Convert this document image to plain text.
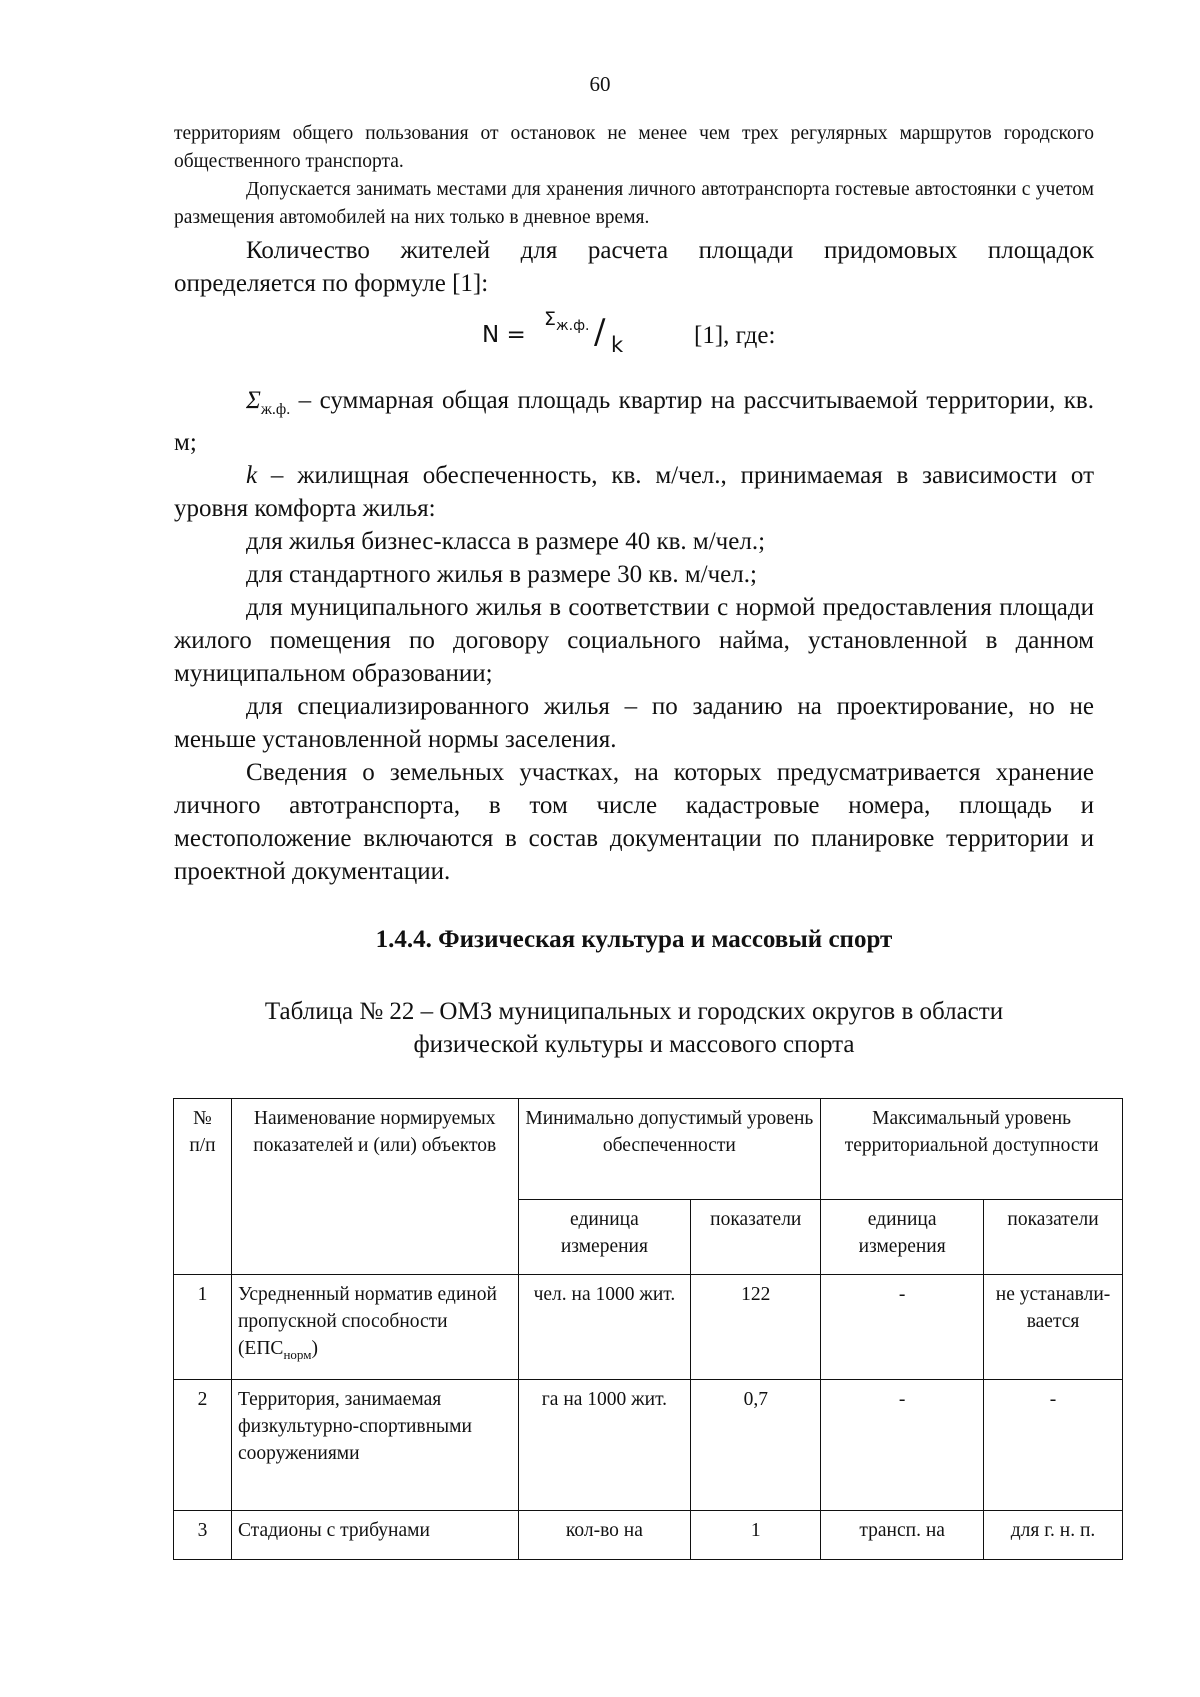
60

территориям общего пользования от остановок не менее чем трех регулярных маршрутов городского общественного транспорта.

Допускается занимать местами для хранения личного автотранспорта гостевые автостоянки с учетом размещения автомобилей на них только в дневное время.

Количество жителей для расчета площади придомовых площадок определяется по формуле [1]:

N =
$\Sigma_{ж.ф.}$ / k	[1], где:

$\Sigma_{ж.ф.}$ – суммарная общая площадь квартир на рассчитываемой территории, кв. м;

k – жилищная обеспеченность, кв. м/чел., принимаемая в зависимости от уровня комфорта жилья:

для жилья бизнес-класса в размере 40 кв. м/чел.;

для стандартного жилья в размере 30 кв. м/чел.;

для муниципального жилья в соответствии с нормой предоставления площади жилого помещения по договору социального найма, установленной в данном муниципальном образовании;

для специализированного жилья – по заданию на проектирование, но не меньше установленной нормы заселения.

Сведения о земельных участках, на которых предусматривается хранение личного автотранспорта, в том числе кадастровые номера, площадь и местоположение включаются в состав документации по планировке территории и проектной документации.

1.4.4. Физическая культура и массовый спорт

Таблица № 22 – ОМЗ муниципальных и городских округов в области

физической культуры и массового спорта

№ п/п	Наименование нормируемых показателей и (или) объектов	Минимально допустимый уровень обеспеченности		Максимальный уровень территориальной доступности	
		единица измерения	показатели	единица измерения	показатели
1	Усредненный норматив единой пропускной способности $(ЕПС_{норм})$	чел. на 1000 жит.	122	-	не устанавли-вается
2	Территория, занимаемая физкультурно-спортивными сооружениями	га на 1000 жит.	0,7	-	-
3	Стадионы с трибунами	кол-во на	1	трансп. на	для г. н. п.
